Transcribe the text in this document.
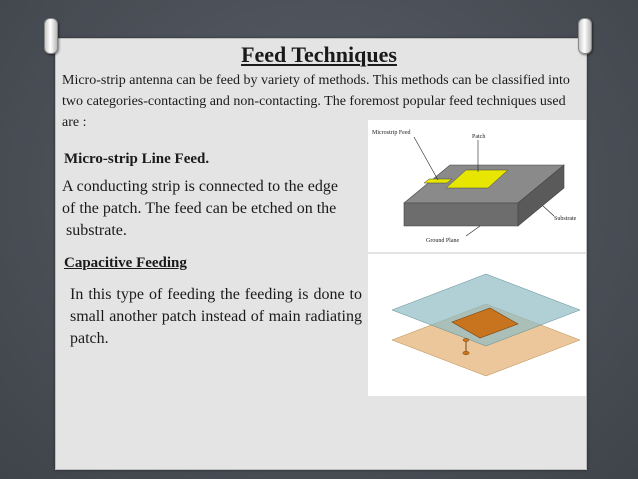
Feed Techniques
Micro-strip antenna can be feed by variety of methods. This methods can be classified into two categories-contacting and non-contacting. The foremost popular feed techniques used are :
Micro-strip Line Feed.
A conducting strip is connected to the edge
of the patch. The feed can be etched on the
substrate.
Capacitive Feeding
In this type of feeding the feeding is done to small another patch instead of main radiating patch.
Microstrip Feed
Patch
Substrate
Ground Plane
